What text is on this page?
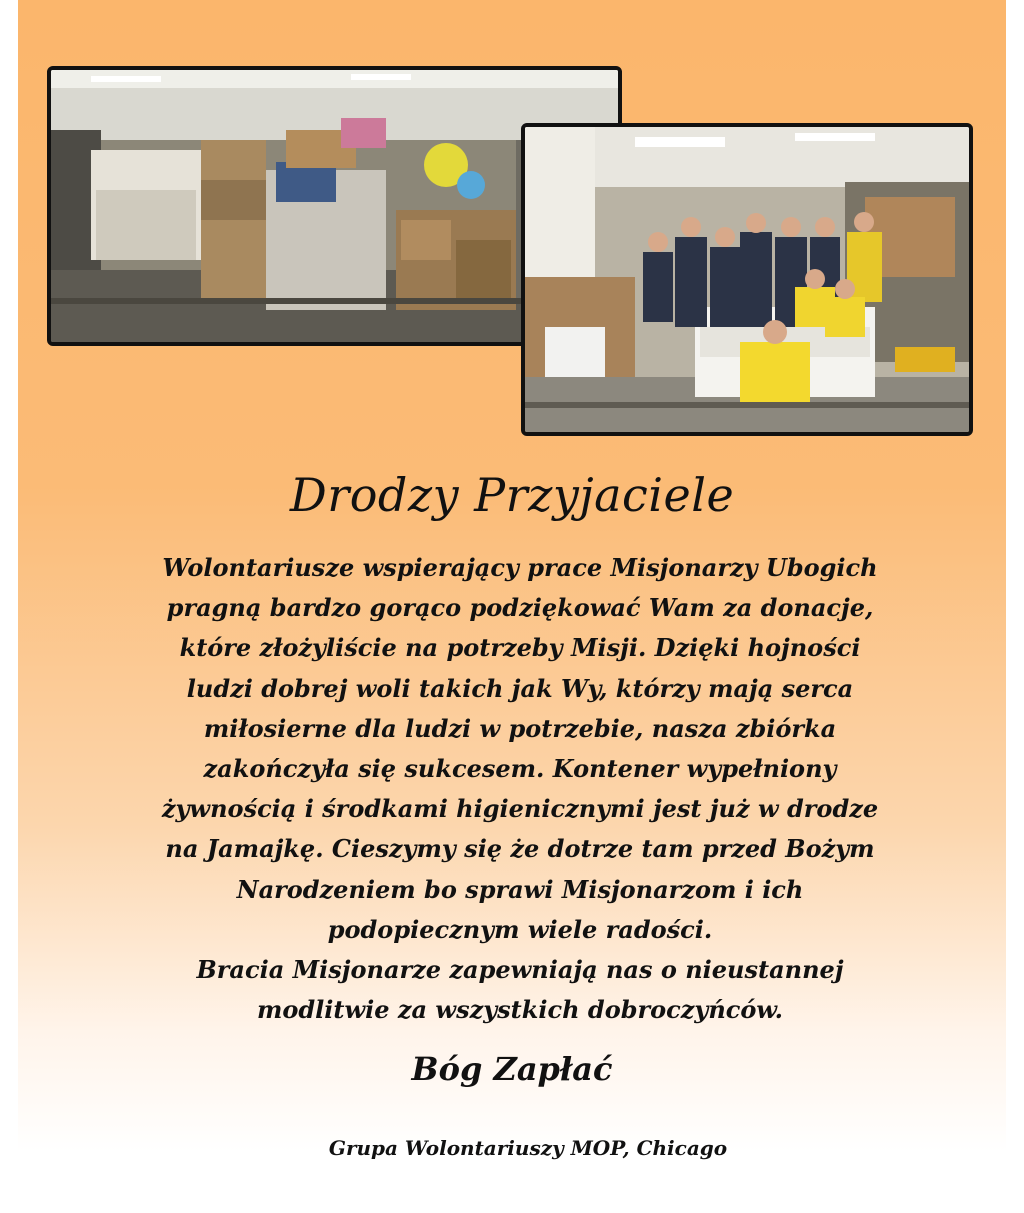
Drodzy Przyjaciele
Wolontariusze wspierający prace Misjonarzy Ubogich
pragną bardzo gorąco podziękować Wam za donacje,
które złożyliście na potrzeby Misji. Dzięki hojności
ludzi dobrej woli takich jak Wy, którzy mają serca
miłosierne dla ludzi w potrzebie, nasza zbiórka
zakończyła się sukcesem. Kontener wypełniony
żywnością i środkami higienicznymi jest już w drodze
na Jamajkę. Cieszymy się że dotrze tam przed Bożym
Narodzeniem bo sprawi Misjonarzom i ich
podopiecznym wiele radości.
Bracia Misjonarze zapewniają nas o nieustannej
modlitwie za wszystkich dobroczyńców.
Bóg Zapłać
Grupa Wolontariuszy MOP, Chicago
